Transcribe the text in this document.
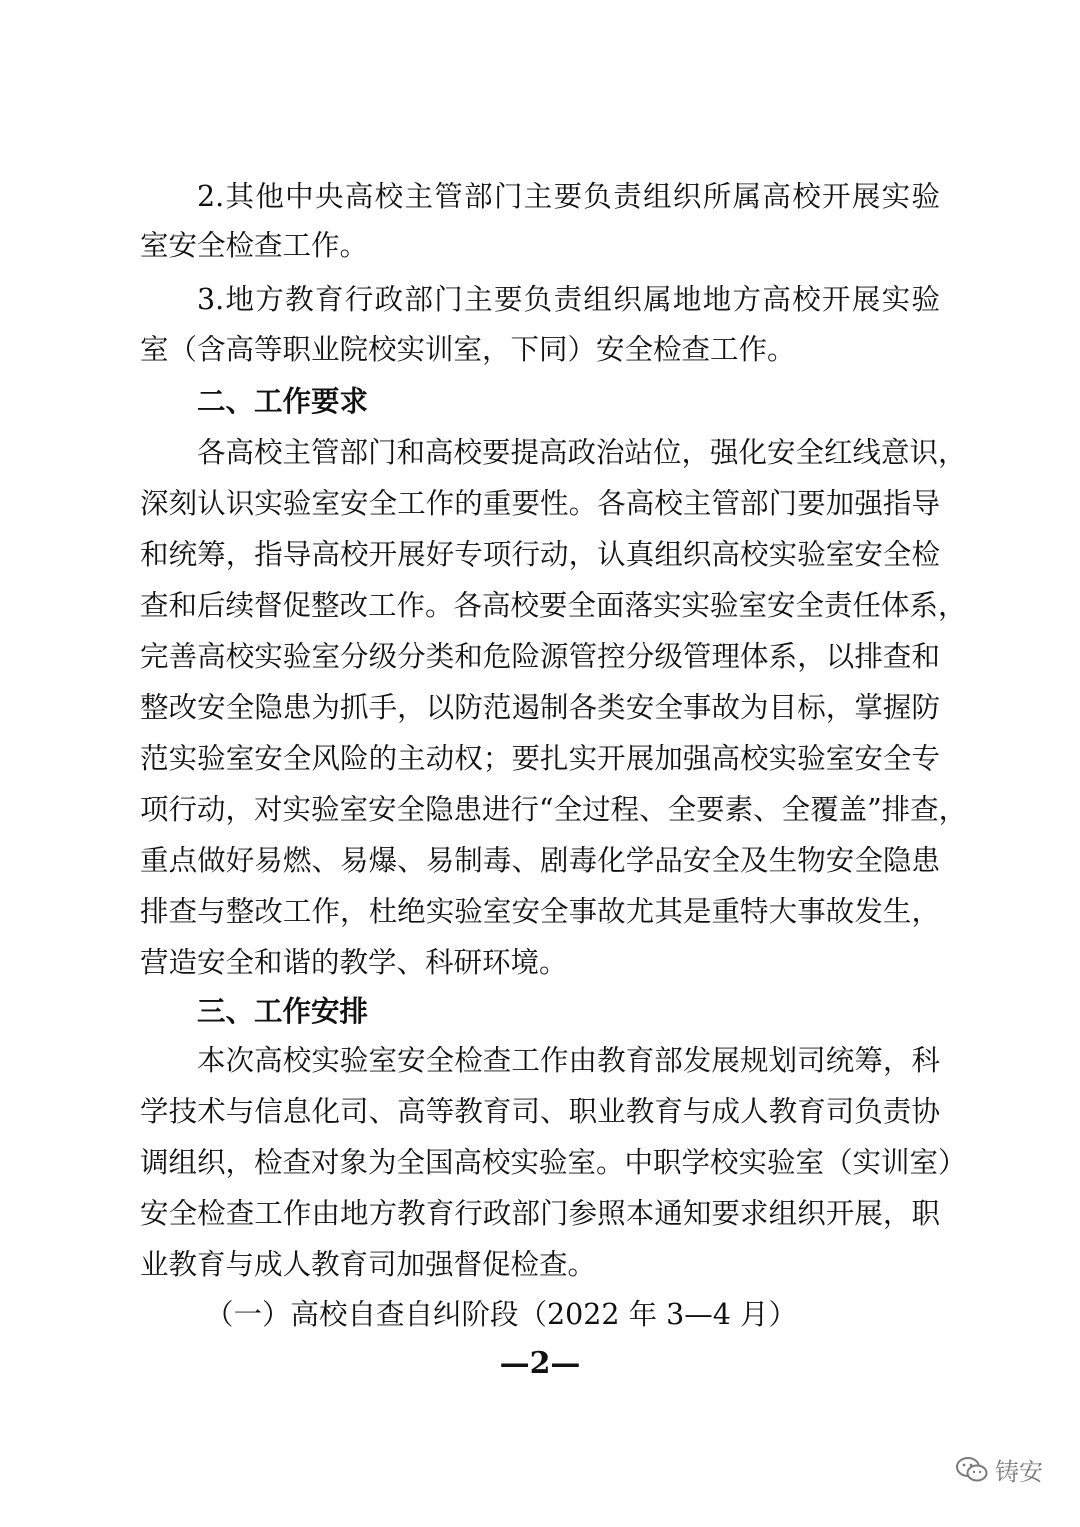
2.其他中央高校主管部门主要负责组织所属高校开展实验
室安全检查工作。
3.地方教育行政部门主要负责组织属地地方高校开展实验
室（含高等职业院校实训室，下同）安全检查工作。
二、工作要求
各高校主管部门和高校要提高政治站位，强化安全红线意识，
深刻认识实验室安全工作的重要性。各高校主管部门要加强指导
和统筹，指导高校开展好专项行动，认真组织高校实验室安全检
查和后续督促整改工作。各高校要全面落实实验室安全责任体系，
完善高校实验室分级分类和危险源管控分级管理体系，以排查和
整改安全隐患为抓手，以防范遏制各类安全事故为目标，掌握防
范实验室安全风险的主动权；要扎实开展加强高校实验室安全专
项行动，对实验室安全隐患进行“全过程、全要素、全覆盖”排查，
重点做好易燃、易爆、易制毒、剧毒化学品安全及生物安全隐患
排查与整改工作，杜绝实验室安全事故尤其是重特大事故发生，
营造安全和谐的教学、科研环境。
三、工作安排
本次高校实验室安全检查工作由教育部发展规划司统筹，科
学技术与信息化司、高等教育司、职业教育与成人教育司负责协
调组织，检查对象为全国高校实验室。中职学校实验室（实训室）
安全检查工作由地方教育行政部门参照本通知要求组织开展，职
业教育与成人教育司加强督促检查。
（一）高校自查自纠阶段（2022 年 3—4 月）
—2—
铸安
